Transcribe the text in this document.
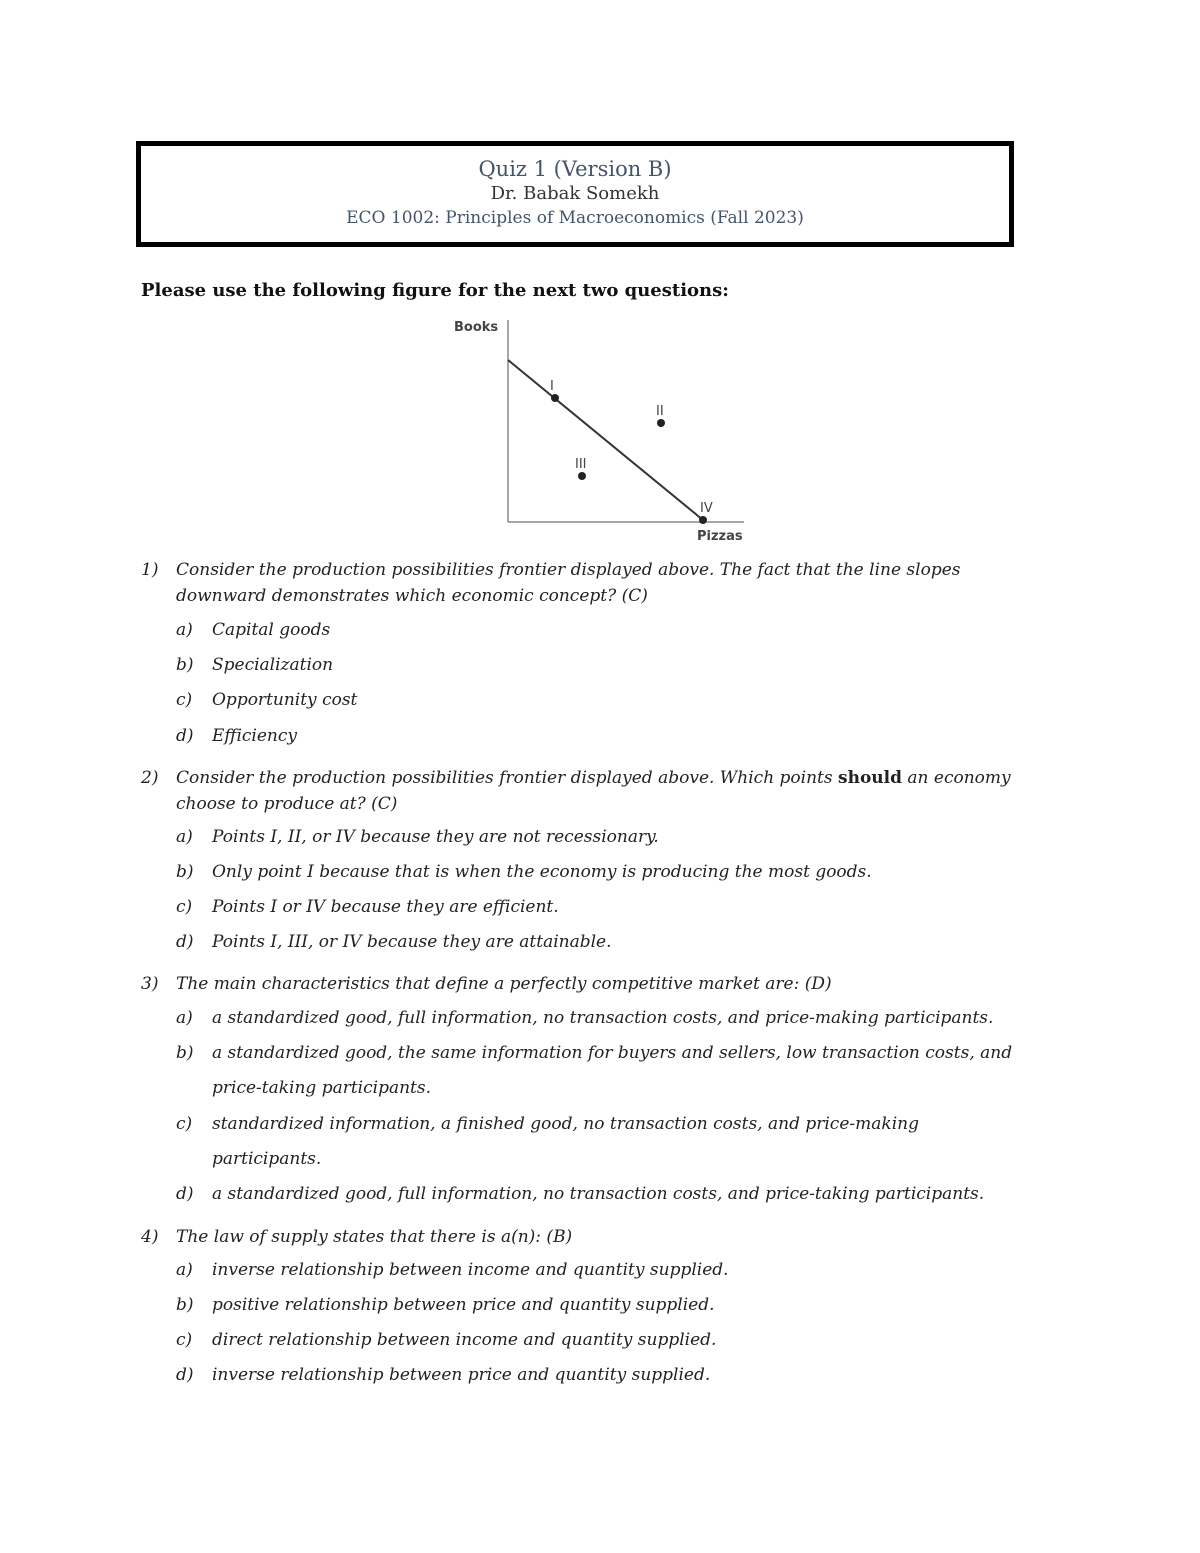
Quiz 1 (Version B)
Dr. Babak Somekh
ECO 1002: Principles of Macroeconomics (Fall 2023)
Please use the following figure for the next two questions:
Books
Pizzas
I
II
III
IV
1) Consider the production possibilities frontier displayed above. The fact that the line slopes
downward demonstrates which economic concept? (C)
a) Capital goods
b) Specialization
c) Opportunity cost
d) Efficiency
2) Consider the production possibilities frontier displayed above. Which points should an economy
choose to produce at? (C)
a) Points I, II, or IV because they are not recessionary.
b) Only point I because that is when the economy is producing the most goods.
c) Points I or IV because they are efficient.
d) Points I, III, or IV because they are attainable.
3) The main characteristics that define a perfectly competitive market are: (D)
a) a standardized good, full information, no transaction costs, and price-making participants.
b) a standardized good, the same information for buyers and sellers, low transaction costs, and
price-taking participants.
c) standardized information, a finished good, no transaction costs, and price-making
participants.
d) a standardized good, full information, no transaction costs, and price-taking participants.
4) The law of supply states that there is a(n): (B)
a) inverse relationship between income and quantity supplied.
b) positive relationship between price and quantity supplied.
c) direct relationship between income and quantity supplied.
d) inverse relationship between price and quantity supplied.
